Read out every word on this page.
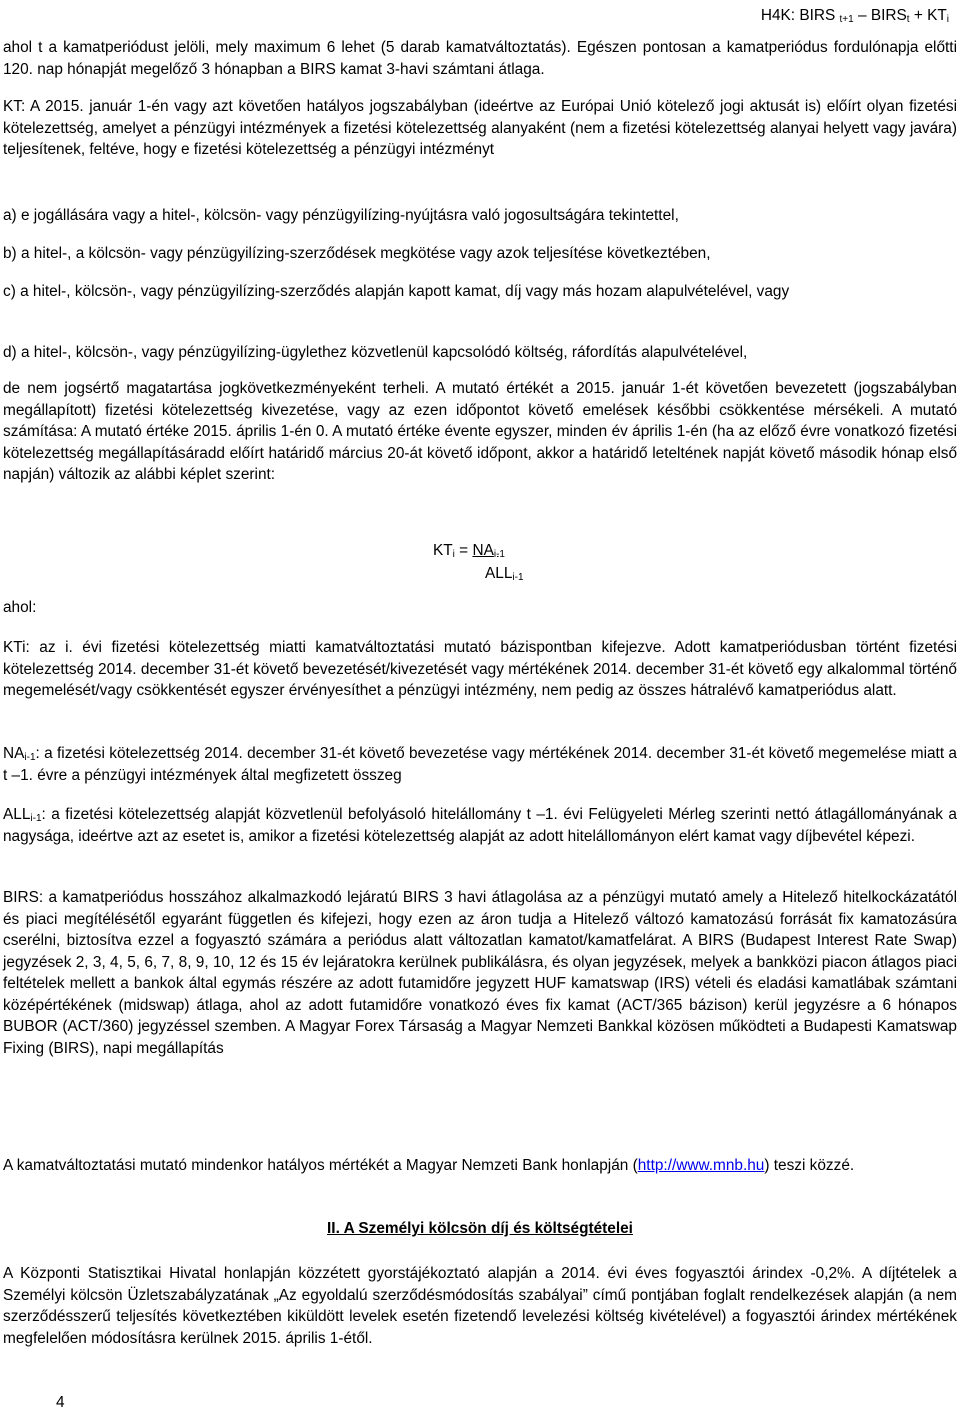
H4K: BIRS $_{t+1} - BIRS_t + KT_i$

ahol t a kamatperiódust jelöli, mely maximum 6 lehet (5 darab kamatváltoztatás). Egészen pontosan a kamatperiódus fordulónapja előtti 120. nap hónapját megelőző 3 hónapban a BIRS kamat 3-havi számtani átlaga.

KT: A 2015. január 1-én vagy azt követően hatályos jogszabályban (ideértve az Európai Unió kötelező jogi aktusát is) előírt olyan fizetési kötelezettség, amelyet a pénzügyi intézmények a fizetési kötelezettség alanyaként (nem a fizetési kötelezettség alanyai helyett vagy javára) teljesítenek, feltéve, hogy e fizetési kötelezettség a pénzügyi intézményt

a) e jogállására vagy a hitel-, kölcsön- vagy pénzügyilízing-nyújtásra való jogosultságára tekintettel,

b) a hitel-, a kölcsön- vagy pénzügyilízing-szerződések megkötése vagy azok teljesítése következtében,

c) a hitel-, kölcsön-, vagy pénzügyilízing-szerződés alapján kapott kamat, díj vagy más hozam alapulvételével, vagy

d) a hitel-, kölcsön-, vagy pénzügyilízing-ügylethez közvetlenül kapcsolódó költség, ráfordítás alapulvételével,

de nem jogsértő magatartása jogkövetkezményeként terheli. A mutató értékét a 2015. január 1-ét követően bevezetett (jogszabályban megállapított) fizetési kötelezettség kivezetése, vagy az ezen időpontot követő emelések későbbi csökkentése mérsékeli. A mutató számítása: A mutató értéke 2015. április 1-én 0. A mutató értéke évente egyszer, minden év április 1-én (ha az előző évre vonatkozó fizetési kötelezettség megállapításáradd előírt határidő március 20-át követő időpont, akkor a határidő leteltének napját követő második hónap első napján) változik az alábbi képlet szerint:

$KT_i = NA_{i-1}$
$ALL_{i-1}$

ahol:

KTi: az i. évi fizetési kötelezettség miatti kamatváltoztatási mutató bázispontban kifejezve. Adott kamatperiódusban történt fizetési kötelezettség 2014. december 31-ét követő bevezetését/kivezetését vagy mértékének 2014. december 31-ét követő egy alkalommal történő megemelését/vagy csökkentését egyszer érvényesíthet a pénzügyi intézmény, nem pedig az összes hátralévő kamatperiódus alatt.

$NA_{i-1}$: a fizetési kötelezettség 2014. december 31-ét követő bevezetése vagy mértékének 2014. december 31-ét követő megemelése miatt a t –1. évre a pénzügyi intézmények által megfizetett összeg

$ALL_{i-1}$: a fizetési kötelezettség alapját közvetlenül befolyásoló hitelállomány t –1. évi Felügyeleti Mérleg szerinti nettó átlagállományának a nagysága, ideértve azt az esetet is, amikor a fizetési kötelezettség alapját az adott hitelállományon elért kamat vagy díjbevétel képezi.

BIRS: a kamatperiódus hosszához alkalmazkodó lejáratú BIRS 3 havi átlagolása az a pénzügyi mutató amely a Hitelező hitelkockázatától és piaci megítélésétől egyaránt független és kifejezi, hogy ezen az áron tudja a Hitelező változó kamatozású forrását fix kamatozásúra cserélni, biztosítva ezzel a fogyasztó számára a periódus alatt változatlan kamatot/kamatfelárat. A BIRS (Budapest Interest Rate Swap) jegyzések 2, 3, 4, 5, 6, 7, 8, 9, 10, 12 és 15 év lejáratokra kerülnek publikálásra, és olyan jegyzések, melyek a bankközi piacon átlagos piaci feltételek mellett a bankok által egymás részére az adott futamidőre jegyzett HUF kamatswap (IRS) vételi és eladási kamatlábak számtani középértékének (midswap) átlaga, ahol az adott futamidőre vonatkozó éves fix kamat (ACT/365 bázison) kerül jegyzésre a 6 hónapos BUBOR (ACT/360) jegyzéssel szemben. A Magyar Forex Társaság a Magyar Nemzeti Bankkal közösen működteti a Budapesti Kamatswap Fixing (BIRS), napi megállapítás

A kamatváltoztatási mutató mindenkor hatályos mértékét a Magyar Nemzeti Bank honlapján (http://www.mnb.hu) teszi közzé.

II. A Személyi kölcsön díj és költségtételei

A Központi Statisztikai Hivatal honlapján közzétett gyorstájékoztató alapján a 2014. évi éves fogyasztói árindex -0,2%. A díjtételek a Személyi kölcsön Üzletszabályzatának „Az egyoldalú szerződésmódosítás szabályai” című pontjában foglalt rendelkezések alapján (a nem szerződésszerű teljesítés következtében kiküldött levelek esetén fizetendő levelezési költség kivételével) a fogyasztói árindex mértékének megfelelően módosításra kerülnek 2015. április 1-étől.

4
